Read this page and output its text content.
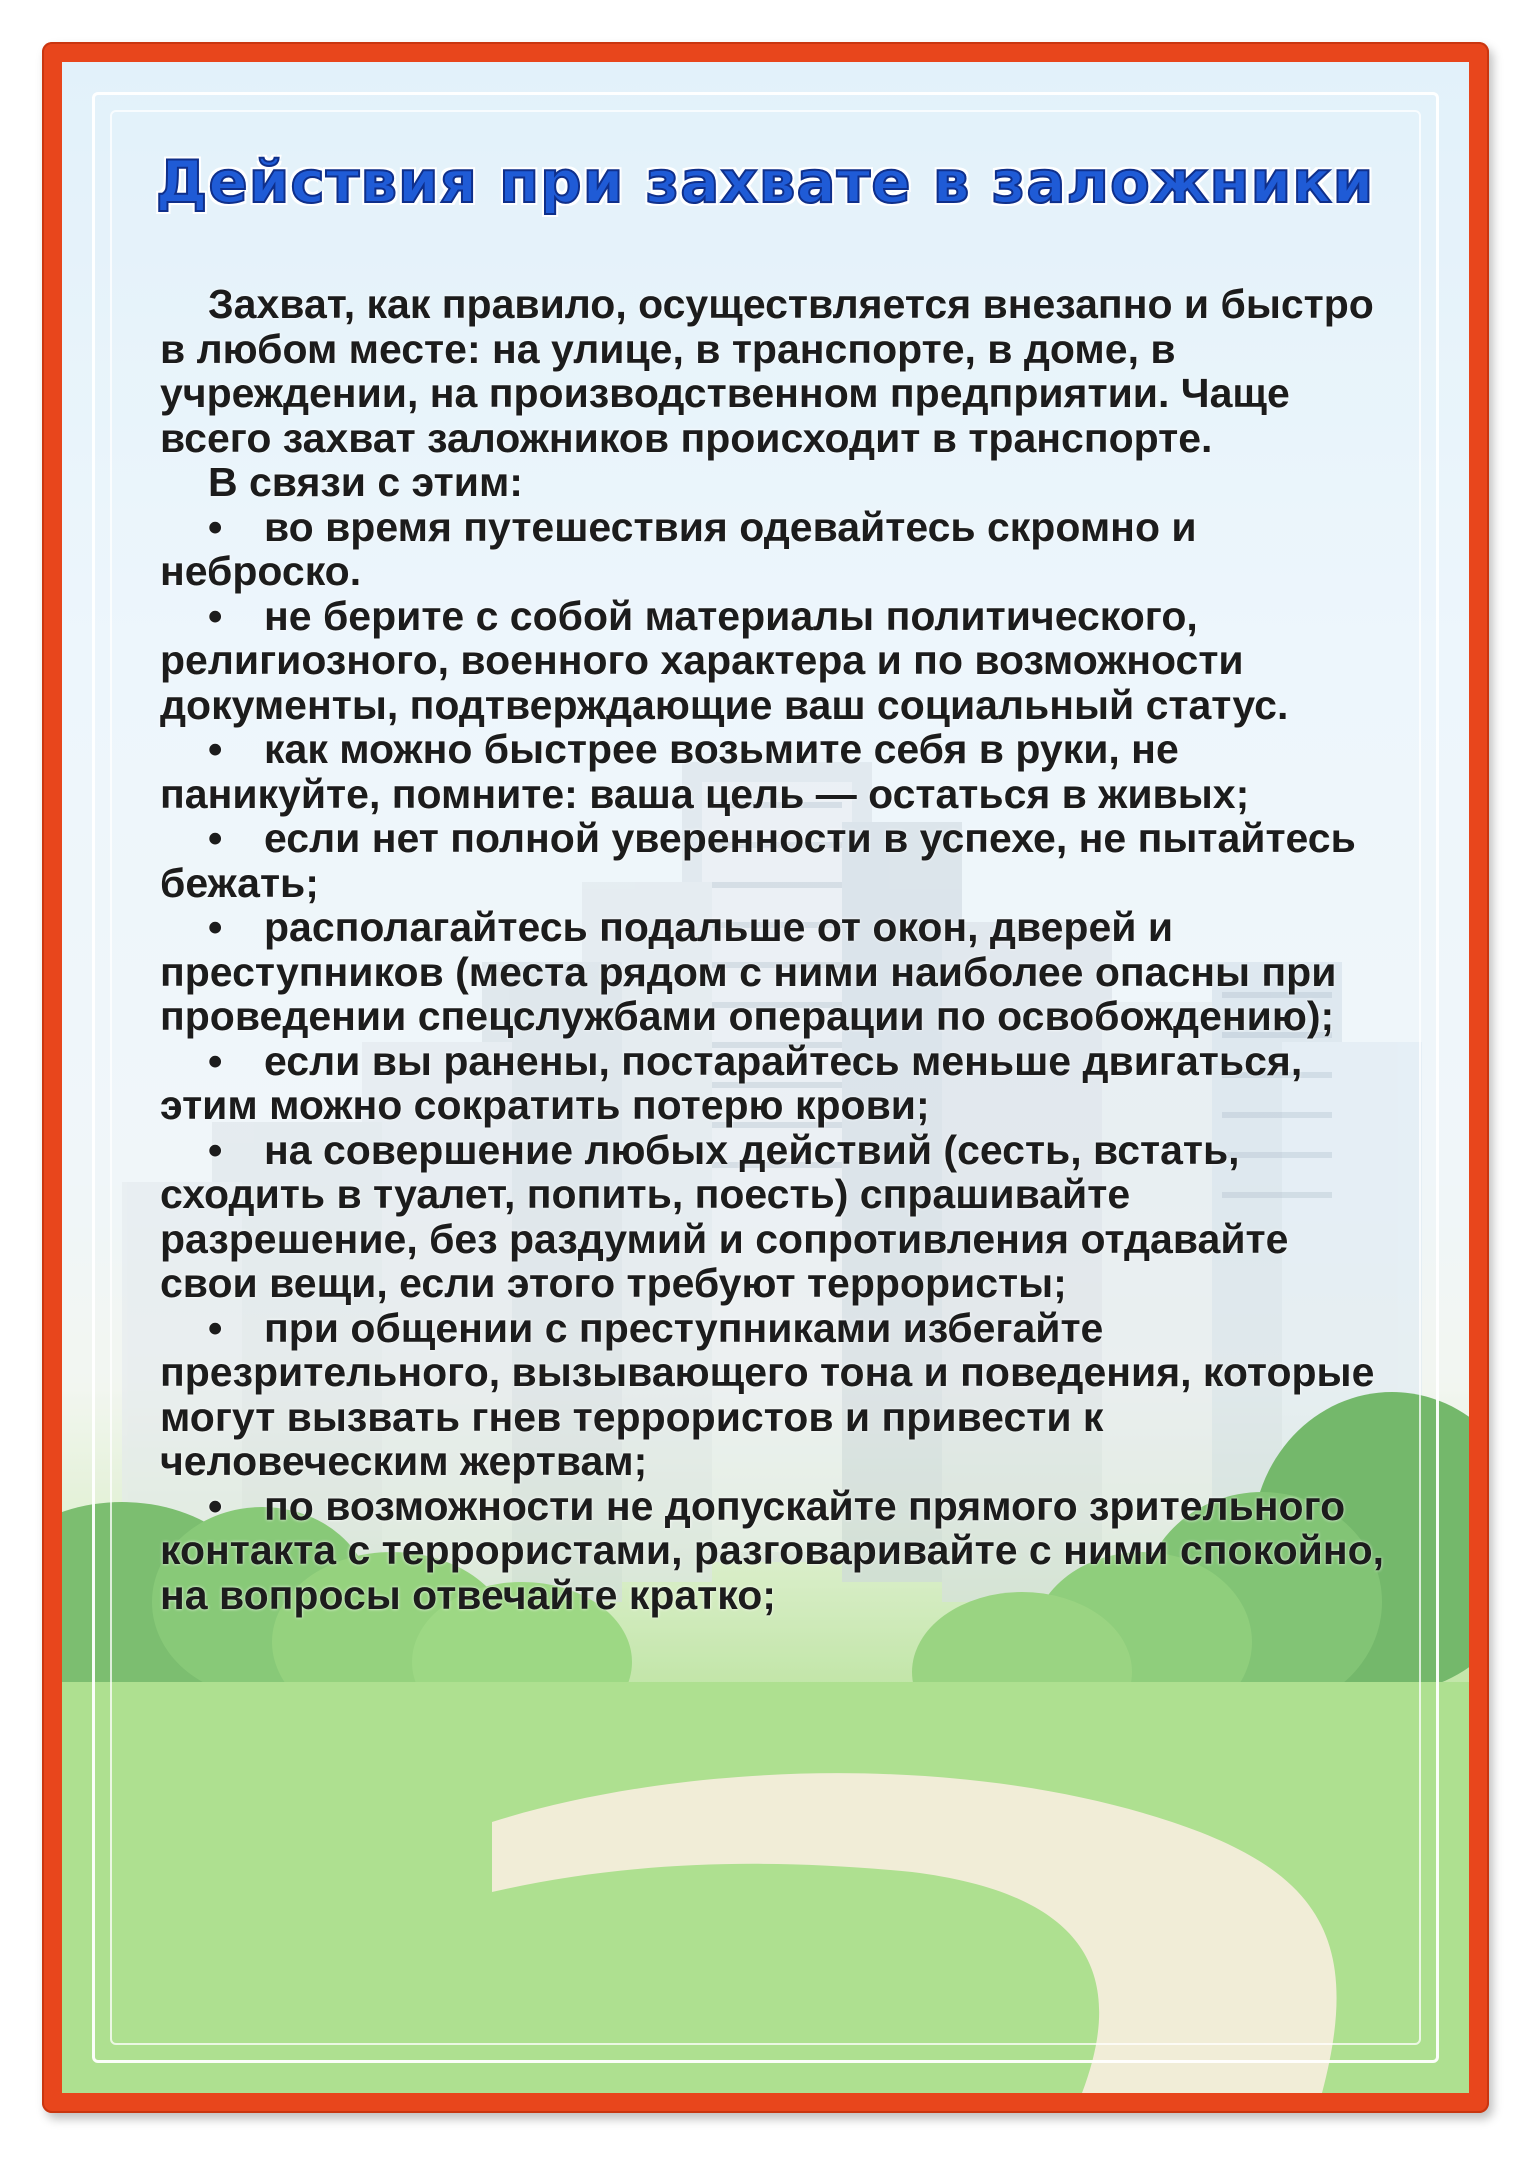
Действия при захвате в заложники

Захват, как правило, осуществляется внезапно и быстро в любом месте: на улице, в транспорте, в доме, в учреждении, на производственном предприятии. Чаще всего захват заложников происходит в транспорте.

В связи с этим:

• во время путешествия одевайтесь скромно и неброско.

• не берите с собой материалы политического, религиозного, военного характера и по возможности документы, подтверждающие ваш социальный статус.

• как можно быстрее возьмите себя в руки, не паникуйте, помните: ваша цель — остаться в живых;

• если нет полной уверенности в успехе, не пытайтесь бежать;

• располагайтесь подальше от окон, дверей и преступников (места рядом с ними наиболее опасны при проведении спецслужбами операции по освобождению);

• если вы ранены, постарайтесь меньше двигаться, этим можно сократить потерю крови;

• на совершение любых действий (сесть, встать, сходить в туалет, попить, поесть) спрашивайте разрешение, без раздумий и сопротивления отдавайте свои вещи, если этого требуют террористы;

• при общении с преступниками избегайте презрительного, вызывающего тона и поведения, которые могут вызвать гнев террористов и привести к человеческим жертвам;

• по возможности не допускайте прямого зрительного контакта с террористами, разговаривайте с ними спокойно, на вопросы отвечайте кратко;
